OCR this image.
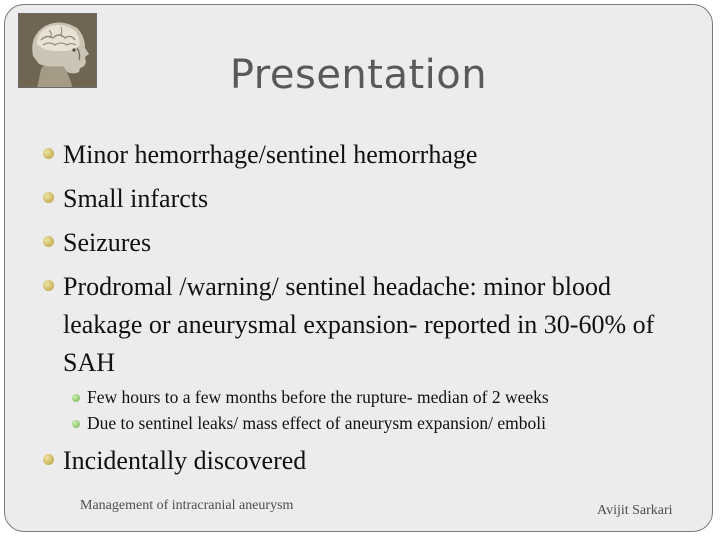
Presentation
Minor hemorrhage/sentinel hemorrhage
Small infarcts
Seizures
Prodromal /warning/ sentinel headache: minor blood leakage or aneurysmal expansion- reported in 30-60% of SAH
Few hours to a few months before the rupture- median of 2 weeks
Due to sentinel leaks/ mass effect of aneurysm expansion/ emboli
Incidentally discovered
Management of intracranial aneurysm	Avijit Sarkari
